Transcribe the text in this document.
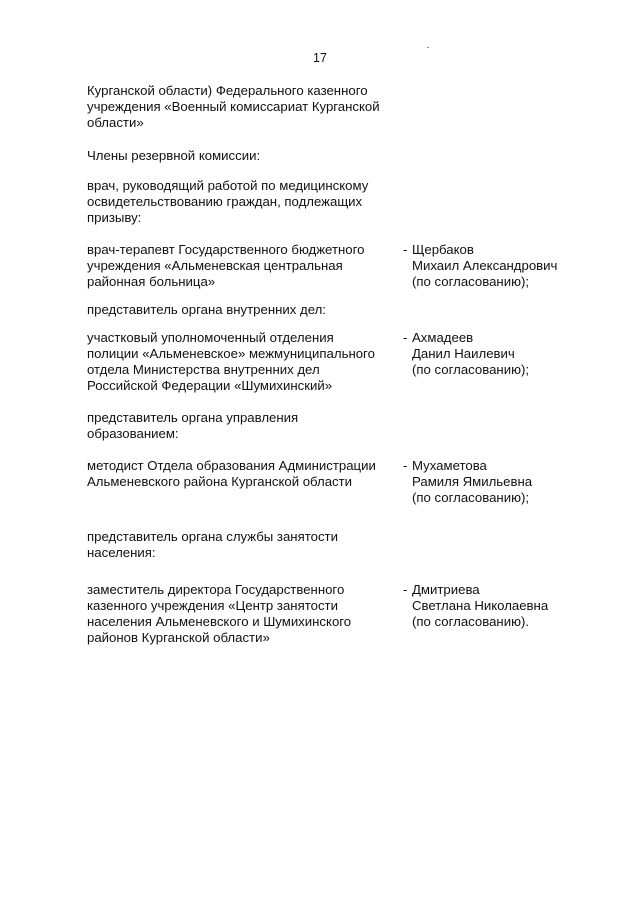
17

Курганской области) Федерального казенного
учреждения «Военный комиссариат Курганской
области»

Члены резервной комиссии:

врач, руководящий работой по медицинскому
освидетельствованию граждан, подлежащих
призыву:

врач-терапевт Государственного бюджетного
учреждения «Альменевская центральная
районная больница»
- Щербаков
Михаил Александрович
(по согласованию);

представитель органа внутренних дел:

участковый уполномоченный отделения
полиции «Альменевское» межмуниципального
отдела Министерства внутренних дел
Российской Федерации «Шумихинский»
- Ахмадеев
Данил Наилевич
(по согласованию);

представитель органа управления
образованием:

методист Отдела образования Администрации
Альменевского района Курганской области
- Мухаметова
Рамиля Ямильевна
(по согласованию);

представитель органа службы занятости
населения:

заместитель директора Государственного
казенного учреждения «Центр занятости
населения Альменевского и Шумихинского
районов Курганской области»
- Дмитриева
Светлана Николаевна
(по согласованию).
